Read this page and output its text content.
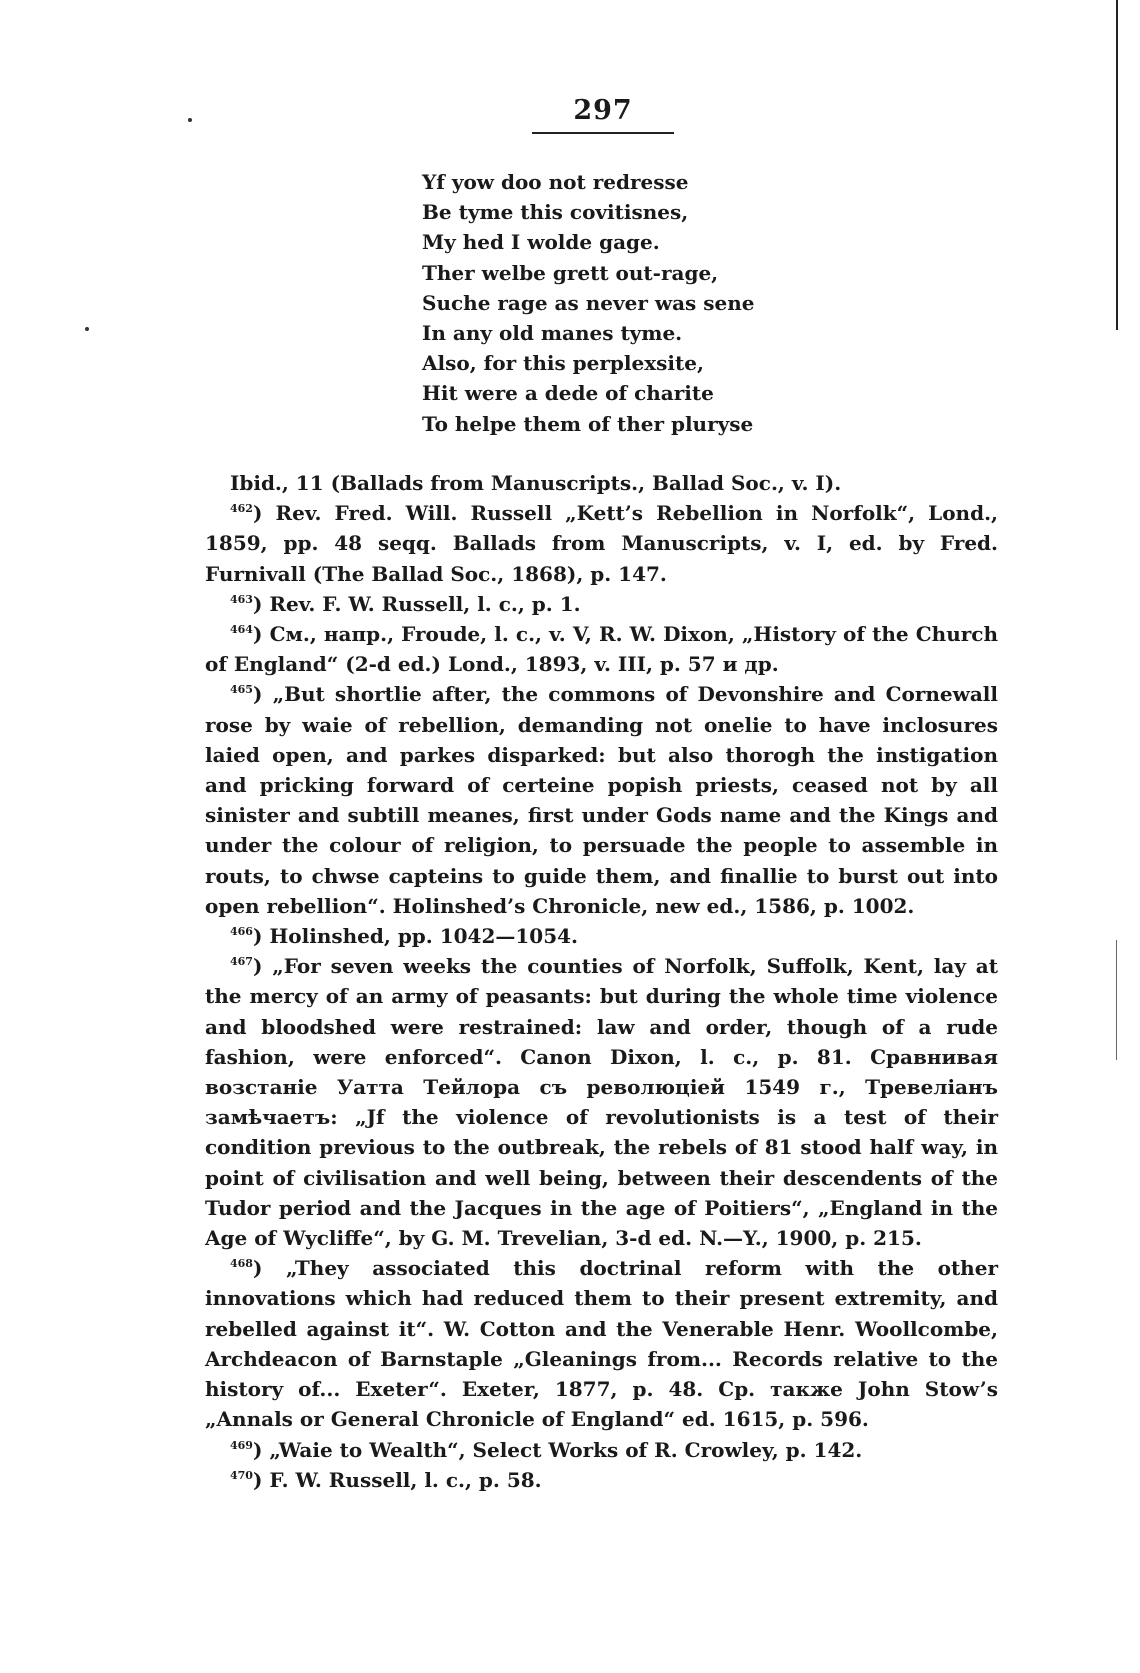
297
Yf yow doo not redresse
Be tyme this covitisnes,
My hed I wolde gage.
Ther welbe grett out-rage,
Suche rage as never was sene
In any old manes tyme.
Also, for this perplexsite,
Hit were a dede of charite
To helpe them of ther pluryse

Ibid., 11 (Ballads from Manuscripts., Ballad Soc., v. I).

$^{462}$) Rev. Fred. Will. Russell „Kett’s Rebellion in Norfolk“, Lond., 1859, pp. 48 seqq. Ballads from Manuscripts, v. I, ed. by Fred. Furnivall (The Ballad Soc., 1868), p. 147.

$^{463}$) Rev. F. W. Russell, l. c., p. 1.

$^{464}$) См., напр., Froude, l. c., v. V, R. W. Dixon, „History of the Church of England“ (2-d ed.) Lond., 1893, v. III, p. 57 и др.

$^{465}$) „But shortlie after, the commons of Devonshire and Cornewall rose by waie of rebellion, demanding not onelie to have inclosures laied open, and parkes disparked: but also thorogh the instigation and pricking forward of certeine popish priests, ceased not by all sinister and subtill meanes, first under Gods name and the Kings and under the colour of religion, to persuade the people to assemble in routs, to chwse capteins to guide them, and finallie to burst out into open rebellion“. Holinshed’s Chronicle, new ed., 1586, p. 1002.

$^{466}$) Holinshed, pp. 1042—1054.

$^{467}$) „For seven weeks the counties of Norfolk, Suffolk, Kent, lay at the mercy of an army of peasants: but during the whole time violence and bloodshed were restrained: law and order, though of a rude fashion, were enforced“. Canon Dixon, l. c., p. 81. Сравнивая возстанie Уатта Тейлора съ революцieй 1549 г., Тревелiанъ замѣчаетъ: „Jf the violence of revolutionists is a test of their condition previous to the outbreak, the rebels of 81 stood half way, in point of civilisation and well being, between their descendents of the Tudor period and the Jacques in the age of Poitiers“, „England in the Age of Wycliffe“, by G. M. Trevelian, 3-d ed. N.—Y., 1900, p. 215.

$^{468}$) „They associated this doctrinal reform with the other innovations which had reduced them to their present extremity, and rebelled against it“. W. Cotton and the Venerable Henr. Woollcombe, Archdeacon of Barnstaple „Gleanings from... Records relative to the history of... Exeter“. Exeter, 1877, p. 48. Ср. также John Stow’s „Annals or General Chronicle of England“ ed. 1615, p. 596.

$^{469}$) „Waie to Wealth“, Select Works of R. Crowley, p. 142.

$^{470}$) F. W. Russell, l. c., p. 58.
